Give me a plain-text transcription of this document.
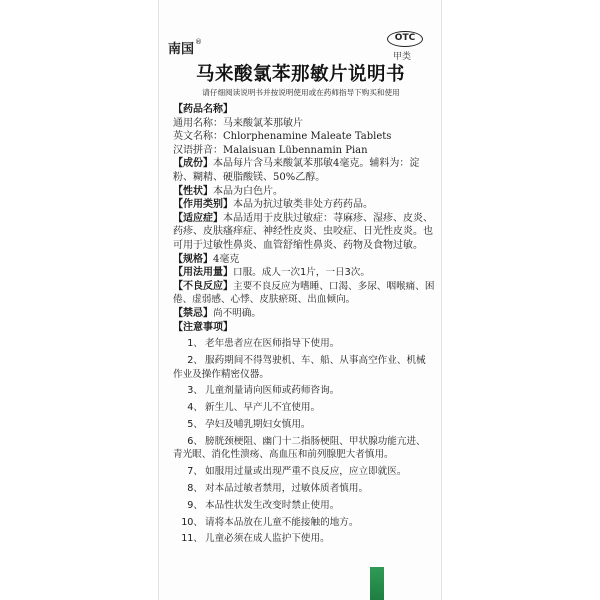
南国®	OTC
甲类
马来酸氯苯那敏片说明书
请仔细阅读说明书并按说明使用或在药师指导下购买和使用

【药品名称】

通用名称：马来酸氯苯那敏片

英文名称：Chlorphenamine Maleate Tablets

汉语拼音：Malaisuan Lübennamin Pian

【成份】本品每片含马来酸氯苯那敏4毫克。辅料为：淀粉、糊精、硬脂酸镁、50%乙醇。

【性状】本品为白色片。

【作用类别】本品为抗过敏类非处方药药品。

【适应症】本品适用于皮肤过敏症：荨麻疹、湿疹、皮炎、药疹、皮肤瘙痒症、神经性皮炎、虫咬症、日光性皮炎。也可用于过敏性鼻炎、血管舒缩性鼻炎、药物及食物过敏。

【规格】4毫克

【用法用量】口服。成人一次1片，一日3次。

【不良反应】主要不良反应为嗜睡、口渴、多尿、咽喉痛、困倦、虚弱感、心悸、皮肤瘀斑、出血倾向。

【禁忌】尚不明确。

【注意事项】

1、 老年患者应在医师指导下使用。
2、 服药期间不得驾驶机、车、船、从事高空作业、机械作业及操作精密仪器。
3、 儿童剂量请向医师或药师咨询。
4、 新生儿、早产儿不宜使用。
5、 孕妇及哺乳期妇女慎用。
6、 膀胱颈梗阻、幽门十二指肠梗阻、甲状腺功能亢进、青光眼、消化性溃疡、高血压和前列腺肥大者慎用。
7、 如服用过量或出现严重不良反应，应立即就医。
8、 对本品过敏者禁用，过敏体质者慎用。
9、 本品性状发生改变时禁止使用。
10、 请将本品放在儿童不能接触的地方。
11、 儿童必须在成人监护下使用。
